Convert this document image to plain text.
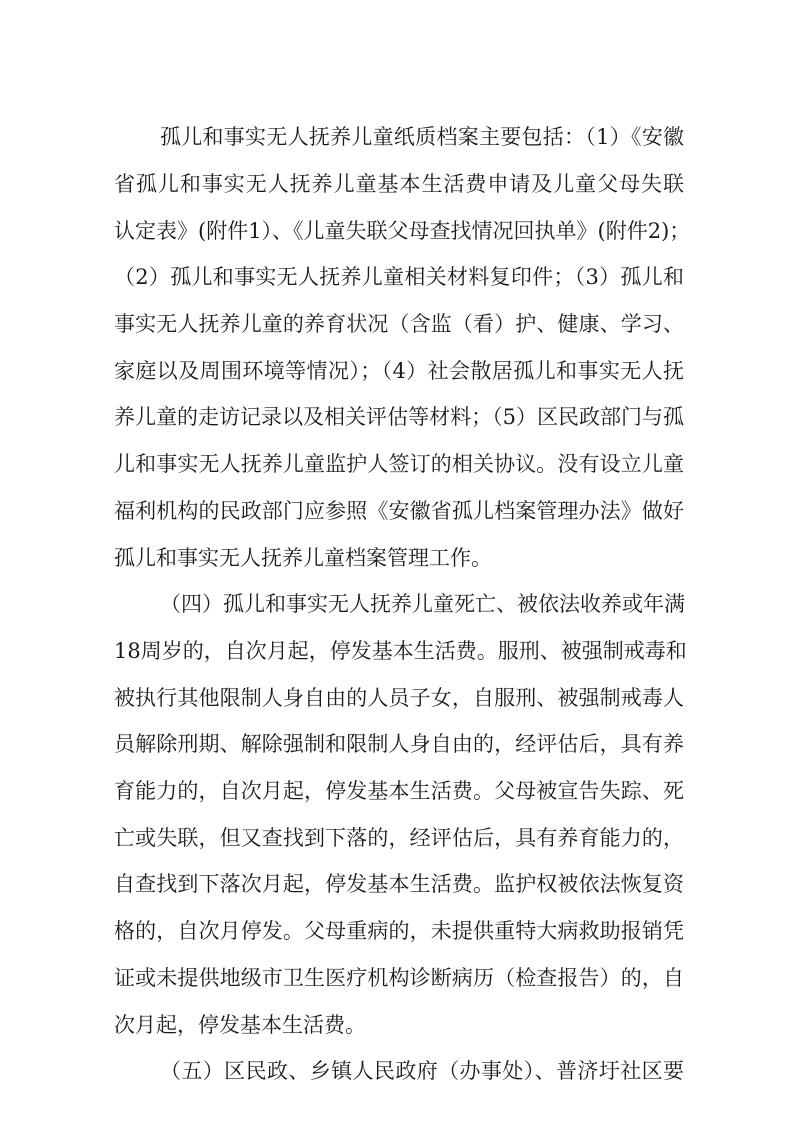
孤儿和事实无人抚养儿童纸质档案主要包括：（1）《安徽
省孤儿和事实无人抚养儿童基本生活费申请及儿童父母失联
认定表》(附件1）、《儿童失联父母查找情况回执单》(附件2)；
（2）孤儿和事实无人抚养儿童相关材料复印件；（3）孤儿和
事实无人抚养儿童的养育状况（含监（看）护、健康、学习、
家庭以及周围环境等情况）；（4）社会散居孤儿和事实无人抚
养儿童的走访记录以及相关评估等材料；（5）区民政部门与孤
儿和事实无人抚养儿童监护人签订的相关协议。没有设立儿童
福利机构的民政部门应参照《安徽省孤儿档案管理办法》做好
孤儿和事实无人抚养儿童档案管理工作。
（四）孤儿和事实无人抚养儿童死亡、被依法收养或年满
18周岁的，自次月起，停发基本生活费。服刑、被强制戒毒和
被执行其他限制人身自由的人员子女，自服刑、被强制戒毒人
员解除刑期、解除强制和限制人身自由的，经评估后，具有养
育能力的，自次月起，停发基本生活费。父母被宣告失踪、死
亡或失联，但又查找到下落的，经评估后，具有养育能力的，
自查找到下落次月起，停发基本生活费。监护权被依法恢复资
格的，自次月停发。父母重病的，未提供重特大病救助报销凭
证或未提供地级市卫生医疗机构诊断病历（检查报告）的，自
次月起，停发基本生活费。
（五）区民政、乡镇人民政府（办事处）、普济圩社区要
